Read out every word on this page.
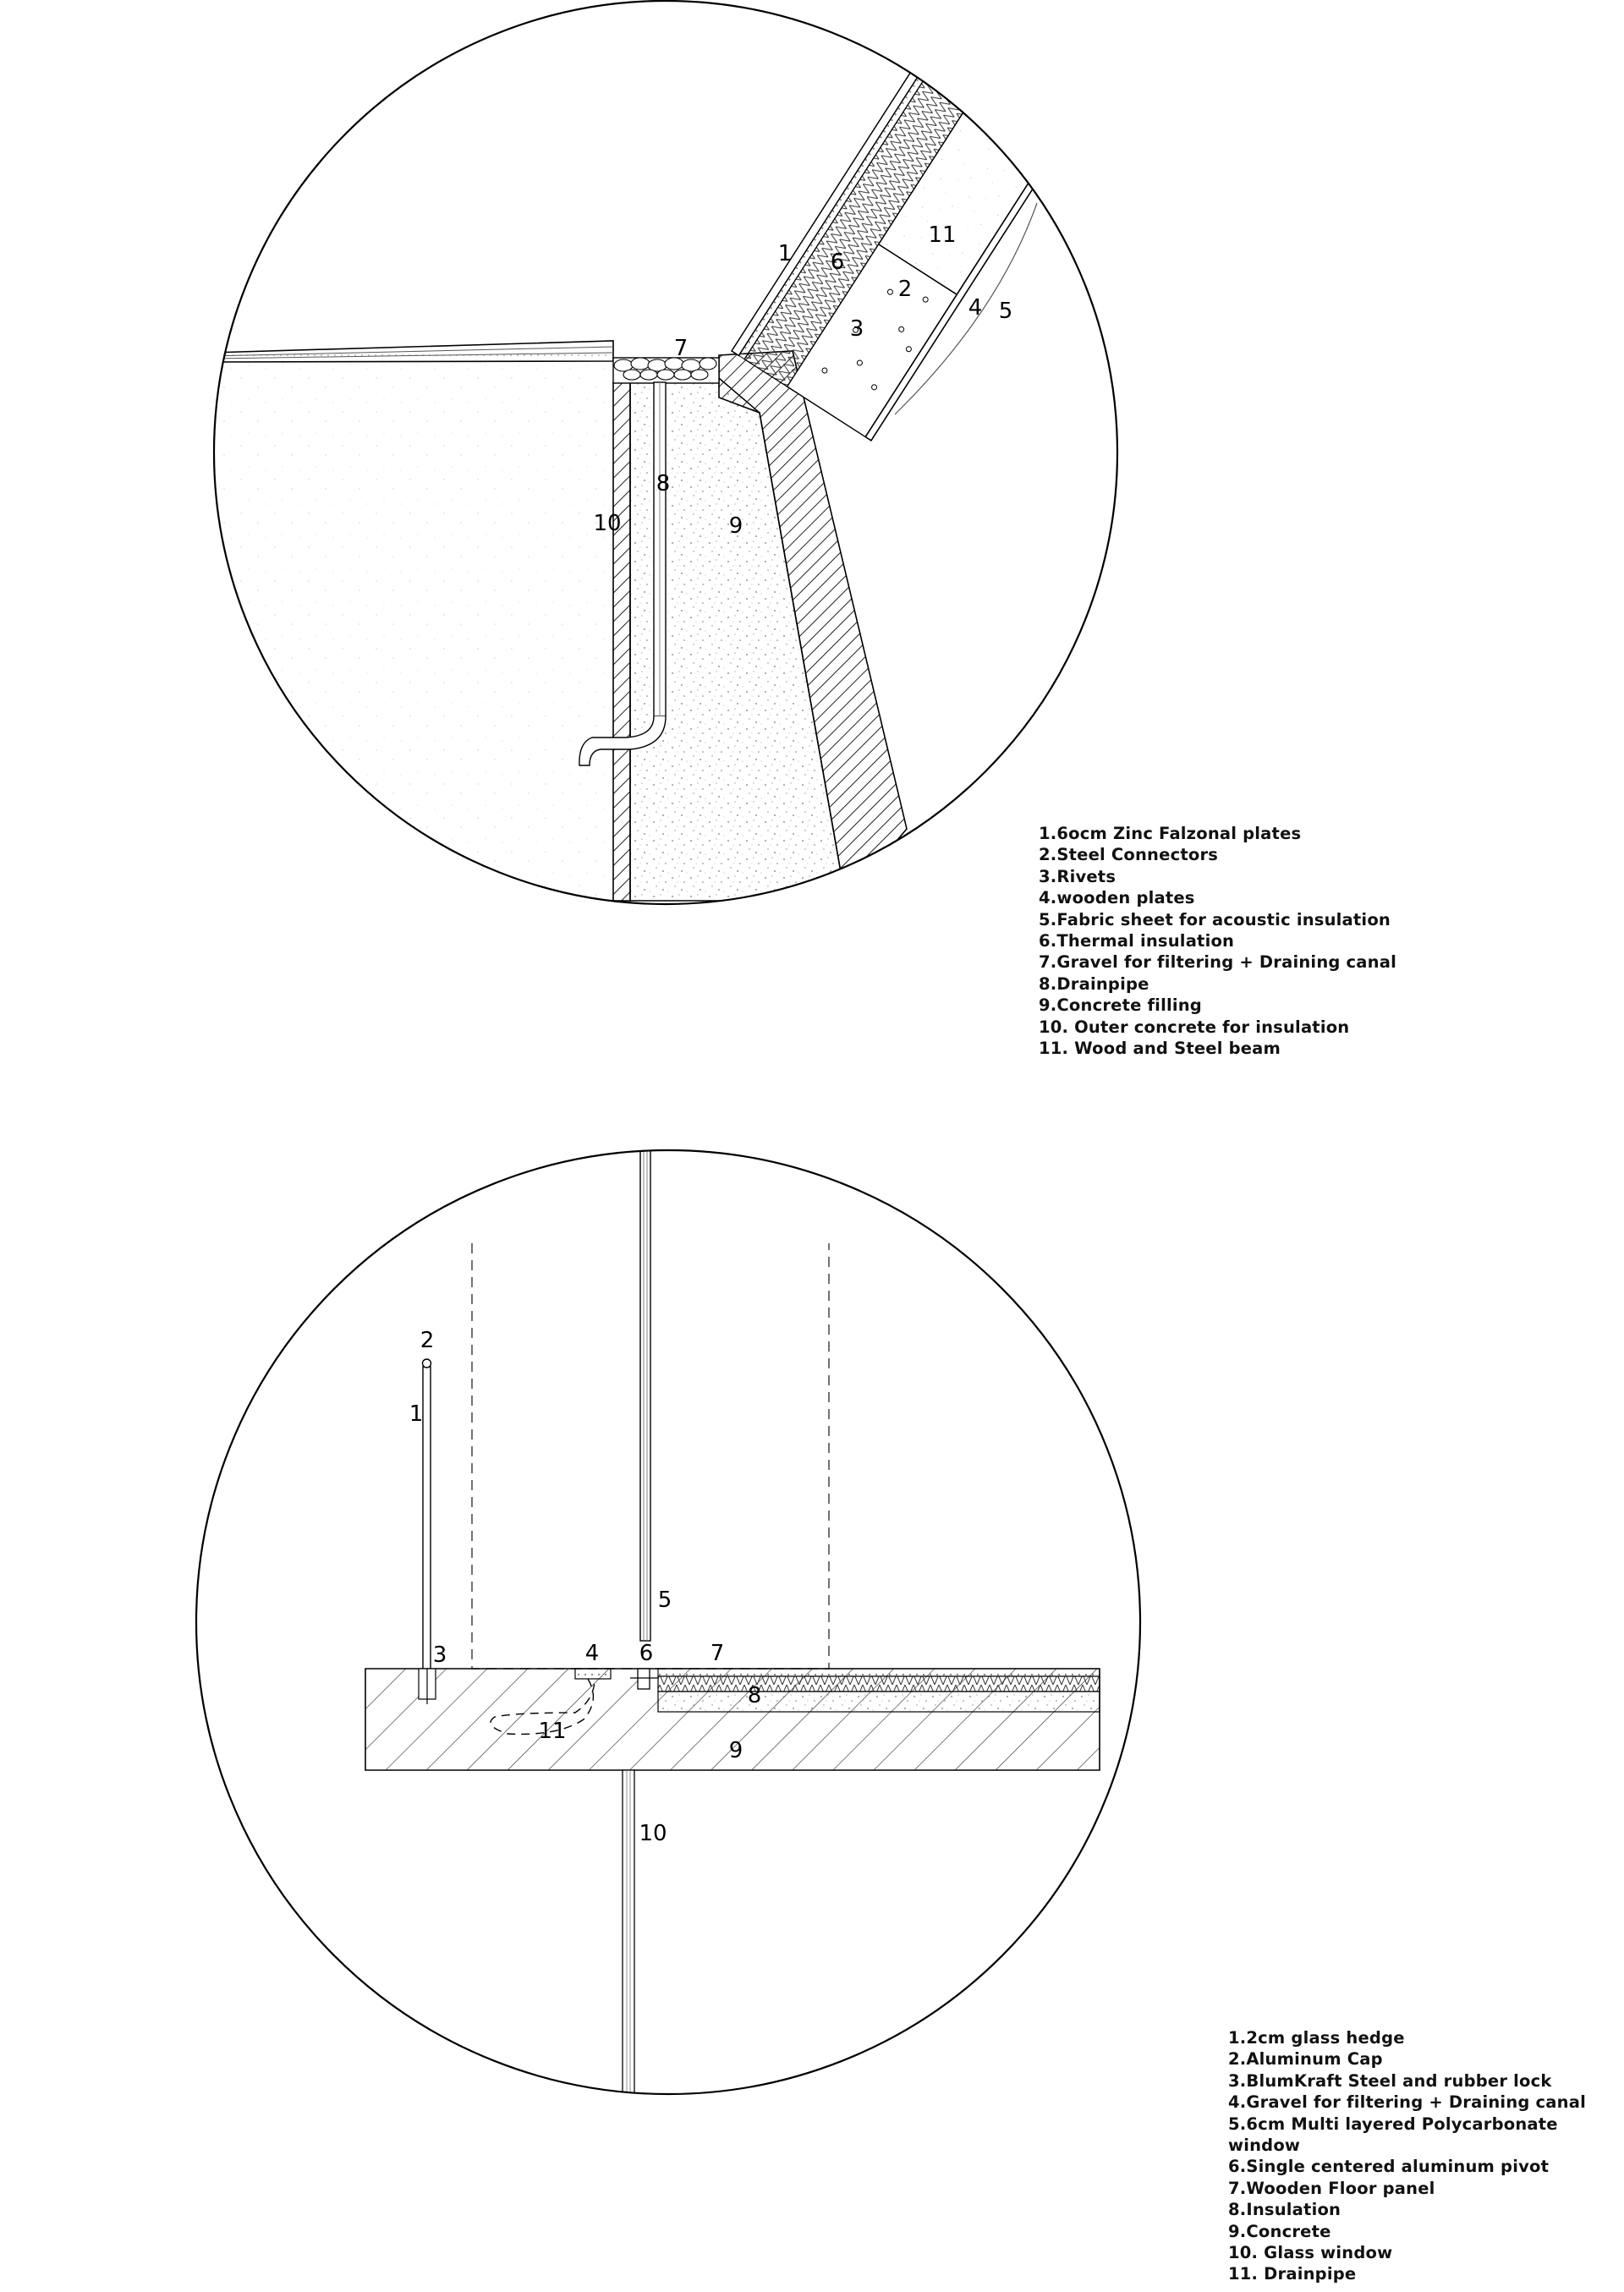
1
2
3
4 5
6
7
8
9
10
11
1
2
3	4
5
6	7
8
9
10
11
1.6ocm Zinc Falzonal plates
2.Steel Connectors
3.Rivets
4.wooden plates
5.Fabric sheet for acoustic insulation
6.Thermal insulation
7.Gravel for filtering + Draining canal
8.Drainpipe
9.Concrete filling
10. Outer concrete for insulation
11. Wood and Steel beam
1.2cm glass hedge
2.Aluminum Cap
3.BlumKraft Steel and rubber lock
4.Gravel for filtering + Draining canal
5.6cm Multi layered Polycarbonate
window
6.Single centered aluminum pivot
7.Wooden Floor panel
8.Insulation
9.Concrete
10. Glass window
11. Drainpipe
